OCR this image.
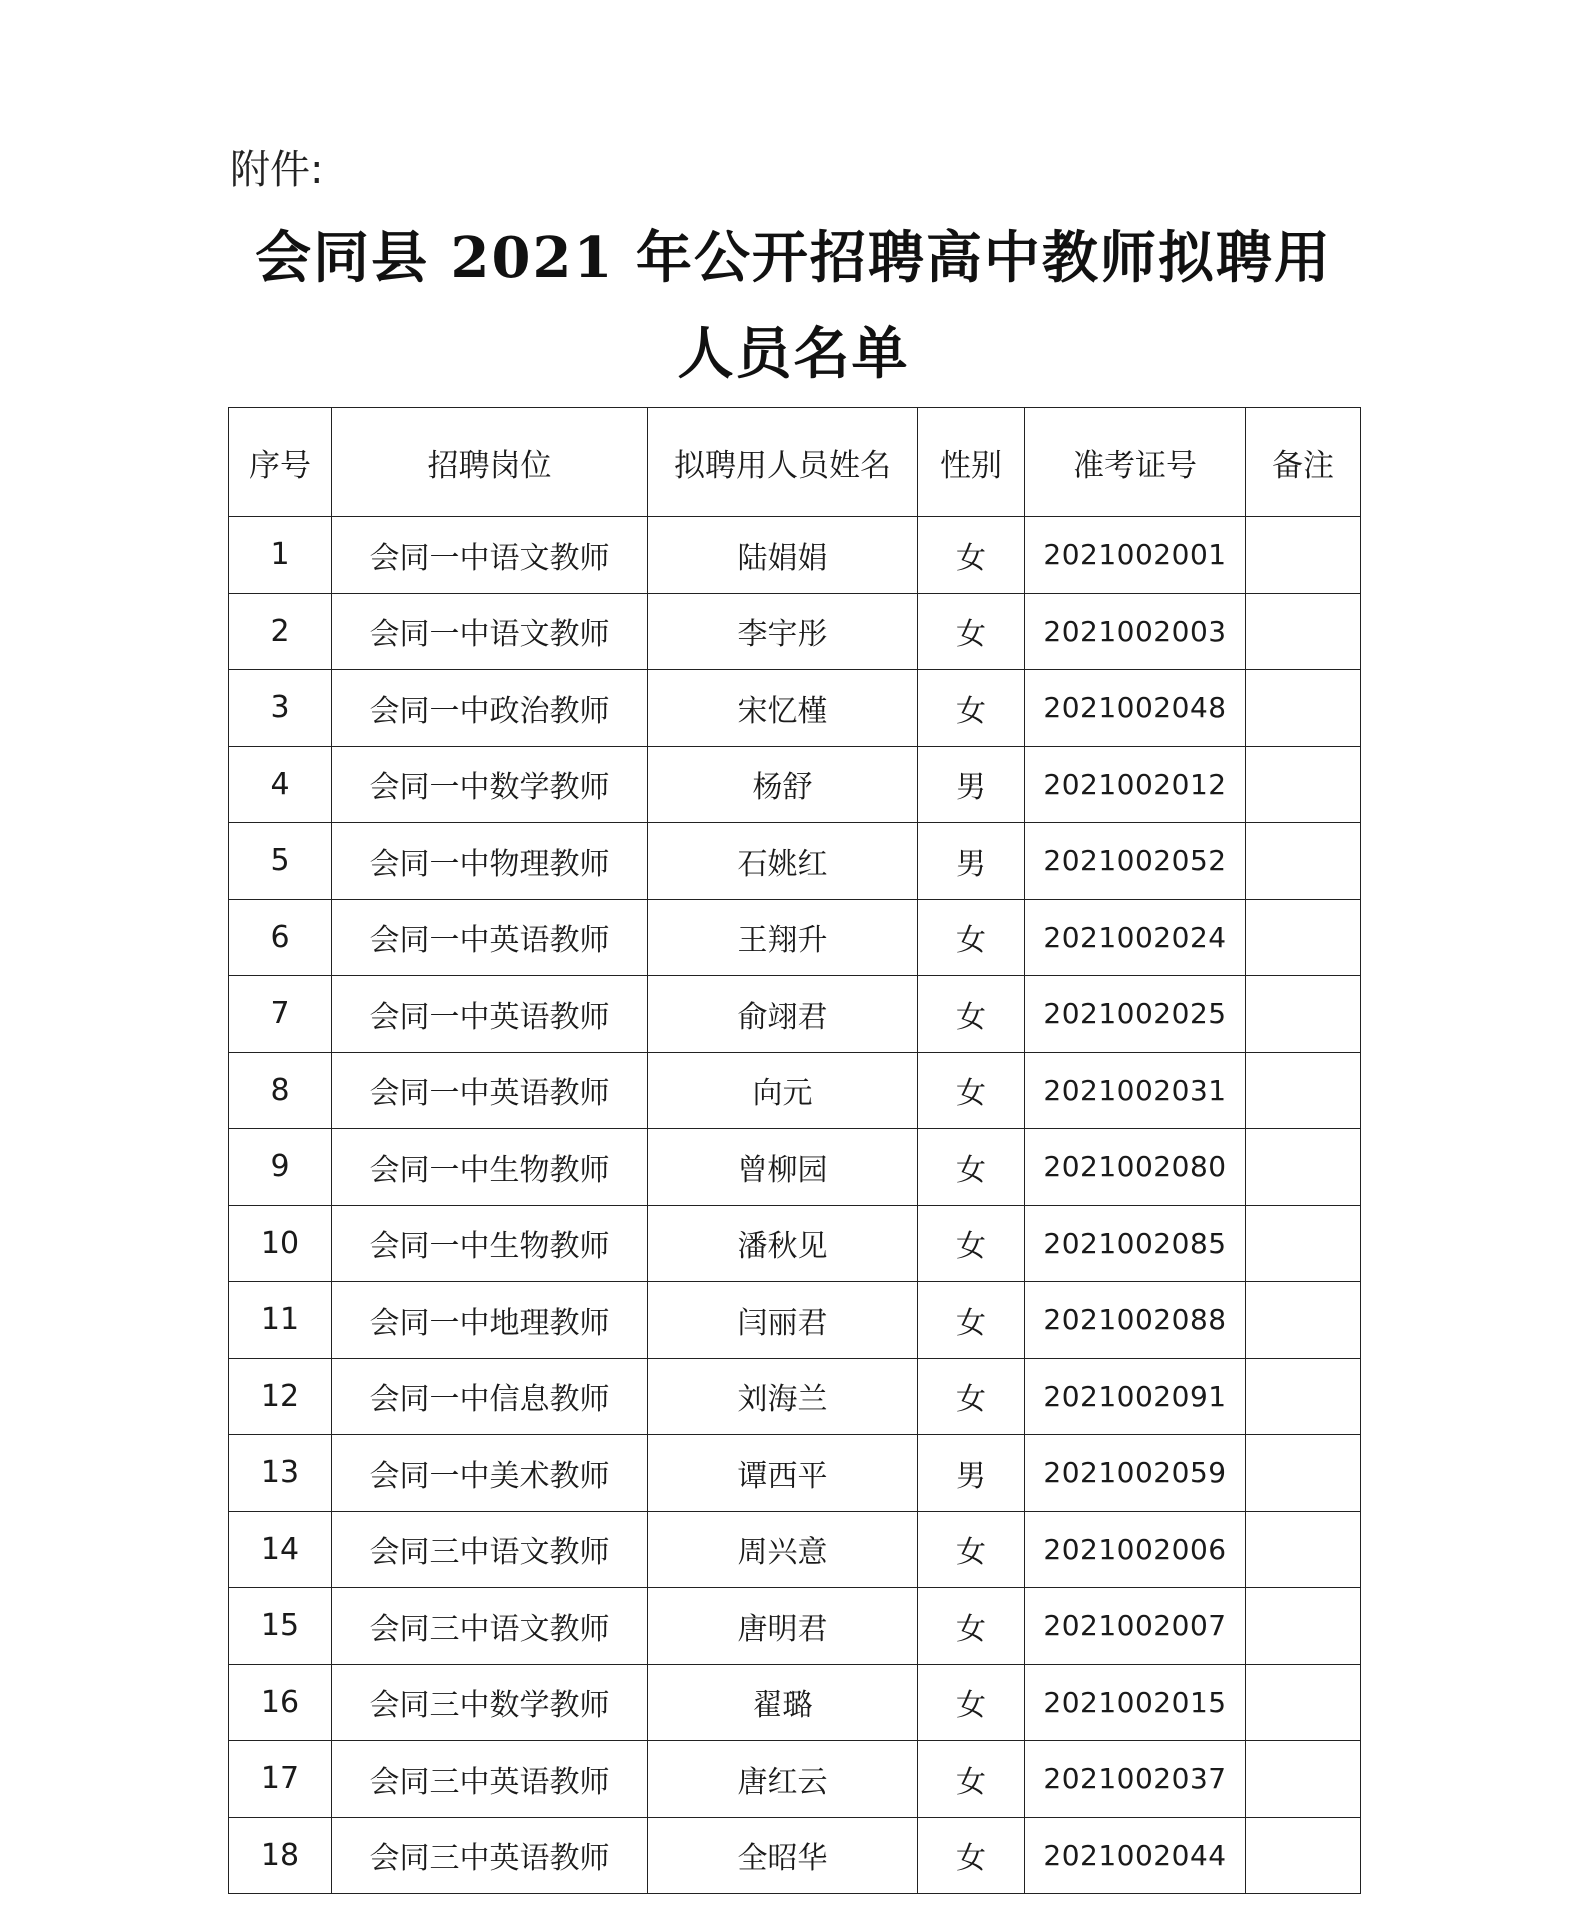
附件:
会同县 2021 年公开招聘高中教师拟聘用
人员名单
序号	招聘岗位	拟聘用人员姓名	性别	准考证号	备注
1	会同一中语文教师	陆娟娟	女	2021002001	
2	会同一中语文教师	李宇彤	女	2021002003	
3	会同一中政治教师	宋忆槿	女	2021002048	
4	会同一中数学教师	杨舒	男	2021002012	
5	会同一中物理教师	石姚红	男	2021002052	
6	会同一中英语教师	王翔升	女	2021002024	
7	会同一中英语教师	俞翊君	女	2021002025	
8	会同一中英语教师	向元	女	2021002031	
9	会同一中生物教师	曾柳园	女	2021002080	
10	会同一中生物教师	潘秋见	女	2021002085	
11	会同一中地理教师	闫丽君	女	2021002088	
12	会同一中信息教师	刘海兰	女	2021002091	
13	会同一中美术教师	谭西平	男	2021002059	
14	会同三中语文教师	周兴意	女	2021002006	
15	会同三中语文教师	唐明君	女	2021002007	
16	会同三中数学教师	翟璐	女	2021002015	
17	会同三中英语教师	唐红云	女	2021002037	
18	会同三中英语教师	全昭华	女	2021002044	
